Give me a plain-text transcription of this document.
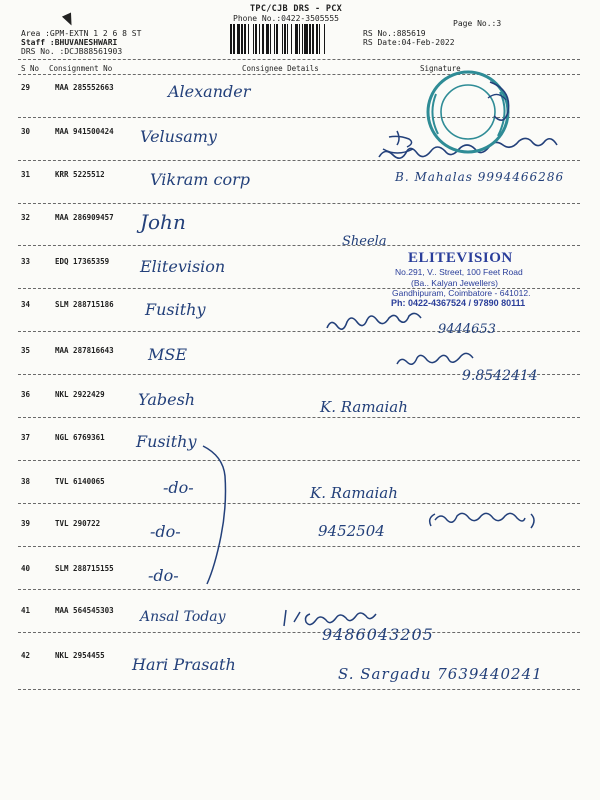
TPC/CJB DRS - PCX
Phone No.:0422-3505555
Page No.:3
Area :GPM-EXTN 1 2 6 8 ST
Staff :BHUVANESHWARI
DRS No. :DCJB88561903
RS No.:885619
RS Date:04-Feb-2022
S No Consignment No	Consignee Details	Signature
29	MAA 285552663	Alexander
30	MAA 941500424 Velusamy
31	KRR 5225512	Vikram corp	B. Mahalas 9994466286
32	MAA 286909457 John
33	EDQ 17365359 Elitevision
Sheela
ELITEVISION
No.291, V.. Street, 100 Feet Road
(Ba.. Kalyan Jewellers)
Gandhipuram, Coimbatore - 641012.
Ph: 0422-4367524 / 97890 80111
34	SLM 288715186 Fusithy
9444653
35	MAA 287816643 MSE
9.8542414
36	NKL 2922429 Yabesh	K. Ramaiah
37	NGL 6769361 Fusithy
38	TVL 6140065	-do-	K. Ramaiah
39	TVL 290722	-do-	9452504
40	SLM 288715155 -do-
41	MAA 564545303 Ansal Today
9486043205
42	NKL 2954455 Hari Prasath	S. Sargadu 7639440241
